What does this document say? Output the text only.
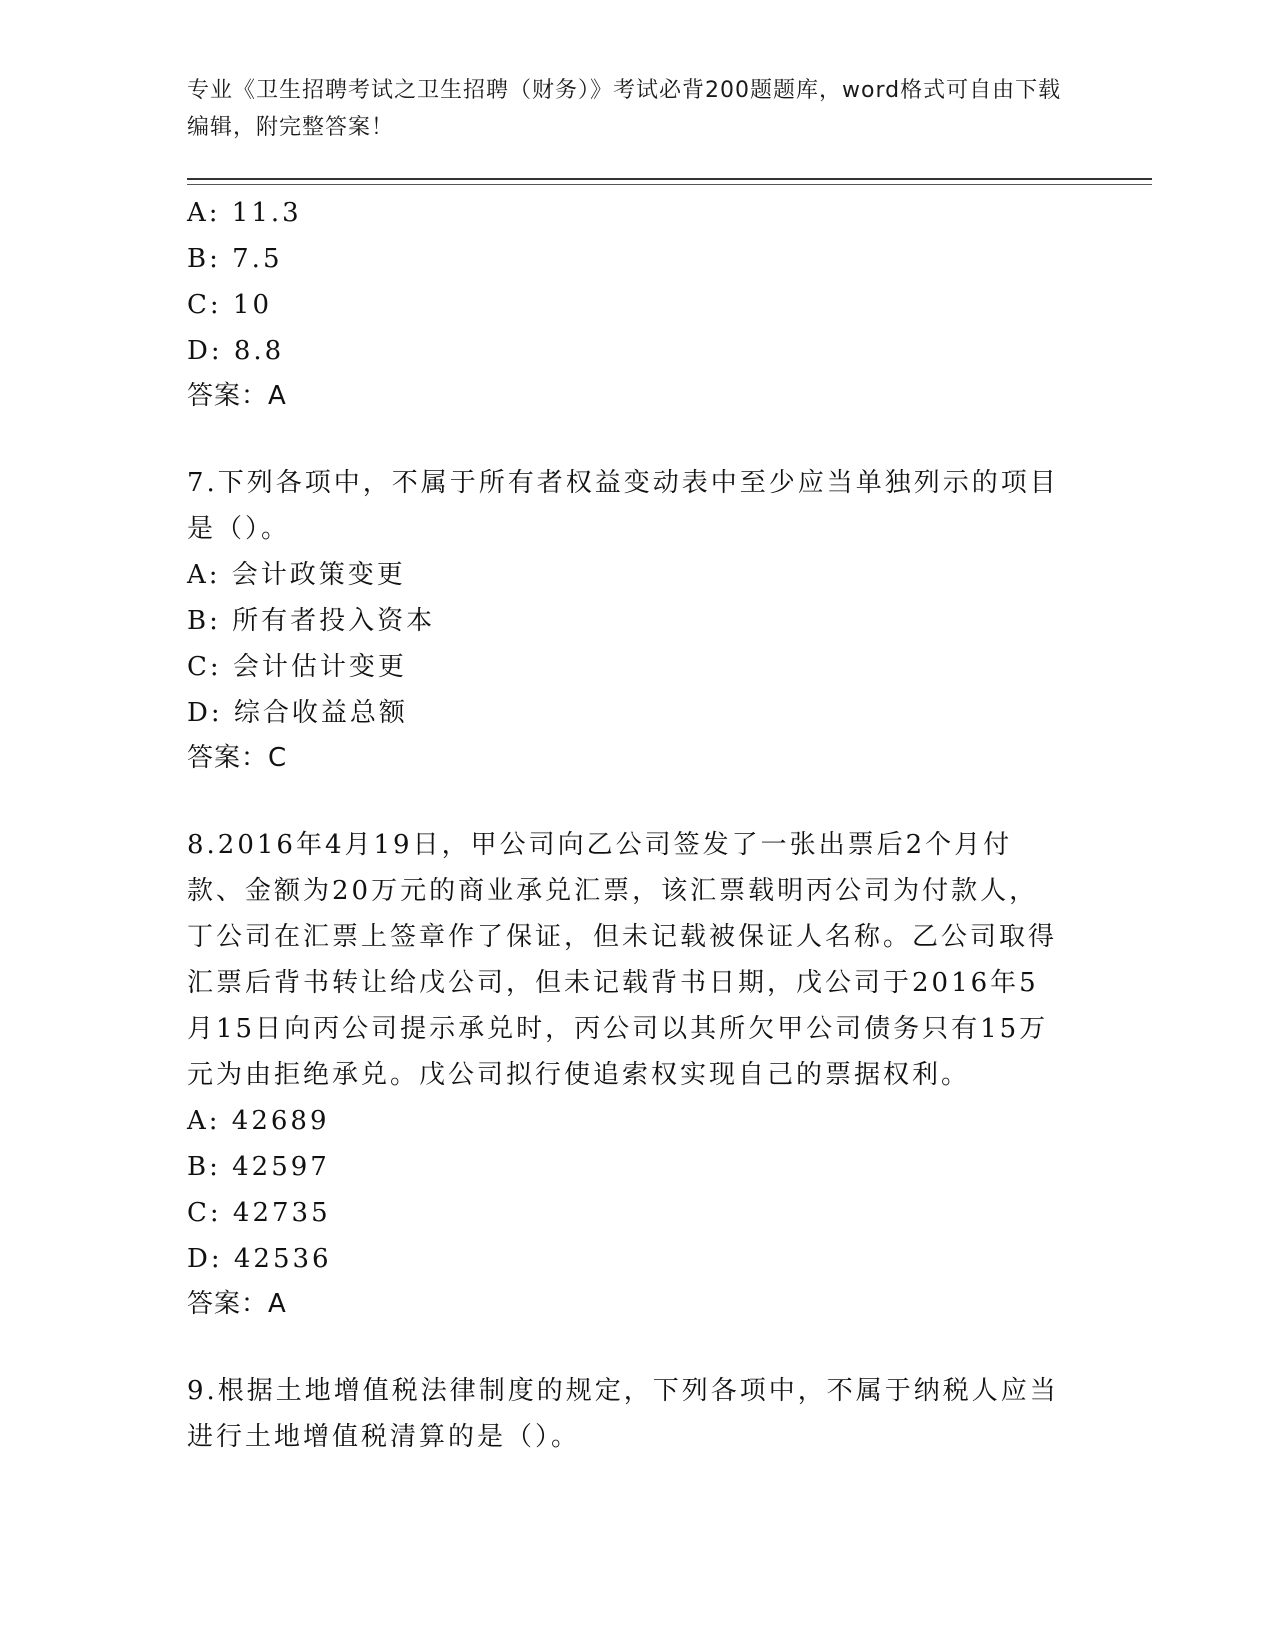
专业《卫生招聘考试之卫生招聘（财务）》考试必背200题题库，word格式可自由下载编辑，附完整答案！
A: 11.3
B: 7.5
C: 10
D: 8.8
答案：A
7.下列各项中，不属于所有者权益变动表中至少应当单独列示的项目是（）。
A: 会计政策变更
B: 所有者投入资本
C: 会计估计变更
D: 综合收益总额
答案：C
8.2016年4月19日，甲公司向乙公司签发了一张出票后2个月付款、金额为20万元的商业承兑汇票，该汇票载明丙公司为付款人，丁公司在汇票上签章作了保证，但未记载被保证人名称。乙公司取得汇票后背书转让给戊公司，但未记载背书日期，戊公司于2016年5月15日向丙公司提示承兑时，丙公司以其所欠甲公司债务只有15万元为由拒绝承兑。戊公司拟行使追索权实现自己的票据权利。
A: 42689
B: 42597
C: 42735
D: 42536
答案：A
9.根据土地增值税法律制度的规定，下列各项中，不属于纳税人应当进行土地增值税清算的是（）。
